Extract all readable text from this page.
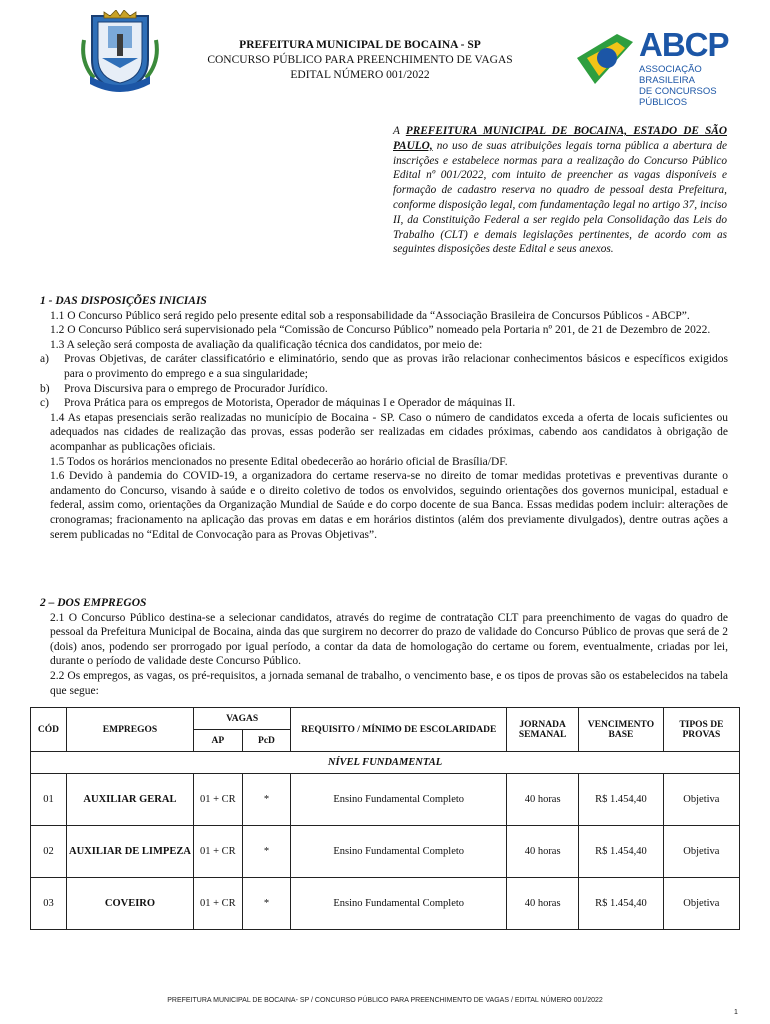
PREFEITURA MUNICIPAL DE BOCAINA - SP
CONCURSO PÚBLICO PARA PREENCHIMENTO DE VAGAS
EDITAL NÚMERO 001/2022
ABCP
ASSOCIAÇÃO BRASILEIRA
DE CONCURSOS PÚBLICOS
A PREFEITURA MUNICIPAL DE BOCAINA, ESTADO DE SÃO PAULO, no uso de suas atribuições legais torna pública a abertura de inscrições e estabelece normas para a realização do Concurso Público Edital nº 001/2022, com intuito de preencher as vagas disponíveis e formação de cadastro reserva no quadro de pessoal desta Prefeitura, conforme disposição legal, com fundamentação legal no artigo 37, inciso II, da Constituição Federal a ser regido pela Consolidação das Leis do Trabalho (CLT) e demais legislações pertinentes, de acordo com as seguintes disposições deste Edital e seus anexos.
1 - DAS DISPOSIÇÕES INICIAIS
1.1 O Concurso Público será regido pelo presente edital sob a responsabilidade da “Associação Brasileira de Concursos Públicos - ABCP”.
1.2 O Concurso Público será supervisionado pela “Comissão de Concurso Público” nomeado pela Portaria nº 201, de 21 de Dezembro de 2022.
1.3 A seleção será composta de avaliação da qualificação técnica dos candidatos, por meio de:
a) Provas Objetivas, de caráter classificatório e eliminatório, sendo que as provas irão relacionar conhecimentos básicos e específicos exigidos para o provimento do emprego e a sua singularidade;
b) Prova Discursiva para o emprego de Procurador Jurídico.
c) Prova Prática para os empregos de Motorista, Operador de máquinas I e Operador de máquinas II.
1.4 As etapas presenciais serão realizadas no município de Bocaina - SP. Caso o número de candidatos exceda a oferta de locais suficientes ou adequados nas cidades de realização das provas, essas poderão ser realizadas em cidades próximas, cabendo aos candidatos à obrigação de acompanhar as publicações oficiais.
1.5 Todos os horários mencionados no presente Edital obedecerão ao horário oficial de Brasília/DF.
1.6 Devido à pandemia do COVID-19, a organizadora do certame reserva-se no direito de tomar medidas protetivas e preventivas durante o andamento do Concurso, visando à saúde e o direito coletivo de todos os envolvidos, seguindo orientações dos governos municipal, estadual e federal, assim como, orientações da Organização Mundial de Saúde e do corpo docente de sua Banca. Essas medidas podem incluir: alterações de cronogramas; fracionamento na aplicação das provas em datas e em horários distintos (além dos previamente divulgados), dentre outras ações a serem publicadas no “Edital de Convocação para as Provas Objetivas”.
2 – DOS EMPREGOS
2.1 O Concurso Público destina-se a selecionar candidatos, através do regime de contratação CLT para preenchimento de vagas do quadro de pessoal da Prefeitura Municipal de Bocaina, ainda das que surgirem no decorrer do prazo de validade do Concurso Público de provas que será de 2 (dois) anos, podendo ser prorrogado por igual período, a contar da data de homologação do certame ou forem, eventualmente, criadas por lei, durante o período de validade deste Concurso Público.
2.2 Os empregos, as vagas, os pré-requisitos, a jornada semanal de trabalho, o vencimento base, e os tipos de provas são os estabelecidos na tabela que segue:
CÓD	EMPREGOS	VAGAS		REQUISITO / MÍNIMO DE ESCOLARIDADE	JORNADA SEMANAL	VENCIMENTO BASE	TIPOS DE PROVAS
		AP	PcD				
NÍVEL FUNDAMENTAL							
01	AUXILIAR GERAL	01 + CR	*	Ensino Fundamental Completo	40 horas	R$ 1.454,40	Objetiva
02	AUXILIAR DE LIMPEZA	01 + CR	*	Ensino Fundamental Completo	40 horas	R$ 1.454,40	Objetiva
03	COVEIRO	01 + CR	*	Ensino Fundamental Completo	40 horas	R$ 1.454,40	Objetiva
PREFEITURA MUNICIPAL DE BOCAINA- SP / CONCURSO PÚBLICO PARA PREENCHIMENTO DE VAGAS / EDITAL NÚMERO 001/2022
1
